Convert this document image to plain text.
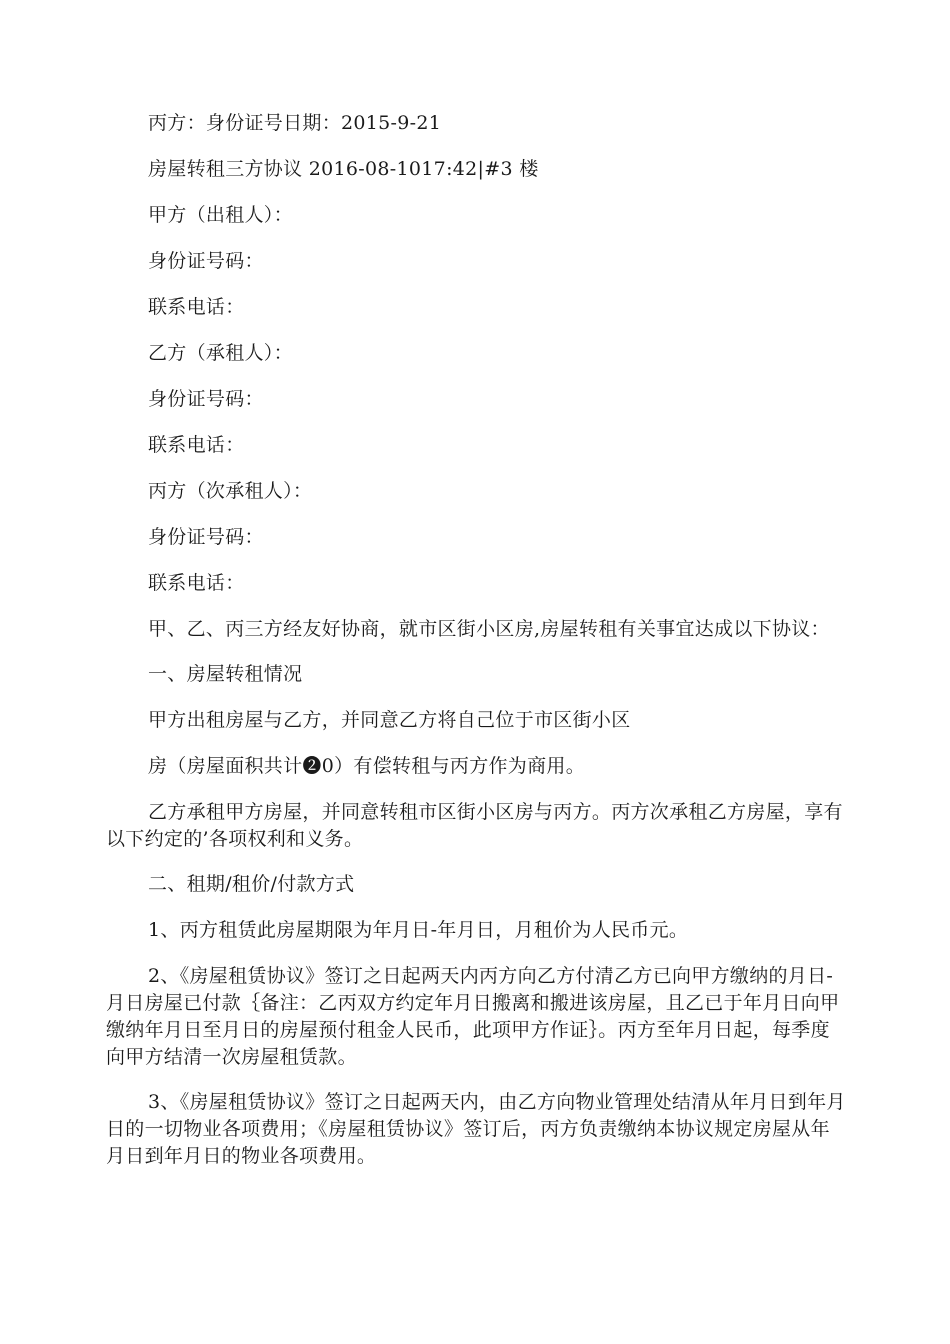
丙方：身份证号日期：2015-9-21

房屋转租三方协议 2016-08-1017:42|#3 楼

甲方（出租人）：

身份证号码：

联系电话：

乙方（承租人）：

身份证号码：

联系电话：

丙方（次承租人）：

身份证号码：

联系电话：

甲、乙、丙三方经友好协商，就市区街小区房,房屋转租有关事宜达成以下协议：

一、房屋转租情况

甲方出租房屋与乙方，并同意乙方将自己位于市区街小区

房（房屋面积共计❷0）有偿转租与丙方作为商用。

乙方承租甲方房屋，并同意转租市区街小区房与丙方。丙方次承租乙方房屋，享有以下约定的’各项权利和义务。

二、租期/租价/付款方式

1、丙方租赁此房屋期限为年月日-年月日，月租价为人民币元。

2、《房屋租赁协议》签订之日起两天内丙方向乙方付清乙方已向甲方缴纳的月日-月日房屋已付款｛备注：乙丙双方约定年月日搬离和搬进该房屋，且乙已于年月日向甲缴纳年月日至月日的房屋预付租金人民币，此项甲方作证｝。丙方至年月日起，每季度向甲方结清一次房屋租赁款。

3、《房屋租赁协议》签订之日起两天内，由乙方向物业管理处结清从年月日到年月日的一切物业各项费用；《房屋租赁协议》签订后，丙方负责缴纳本协议规定房屋从年月日到年月日的物业各项费用。
